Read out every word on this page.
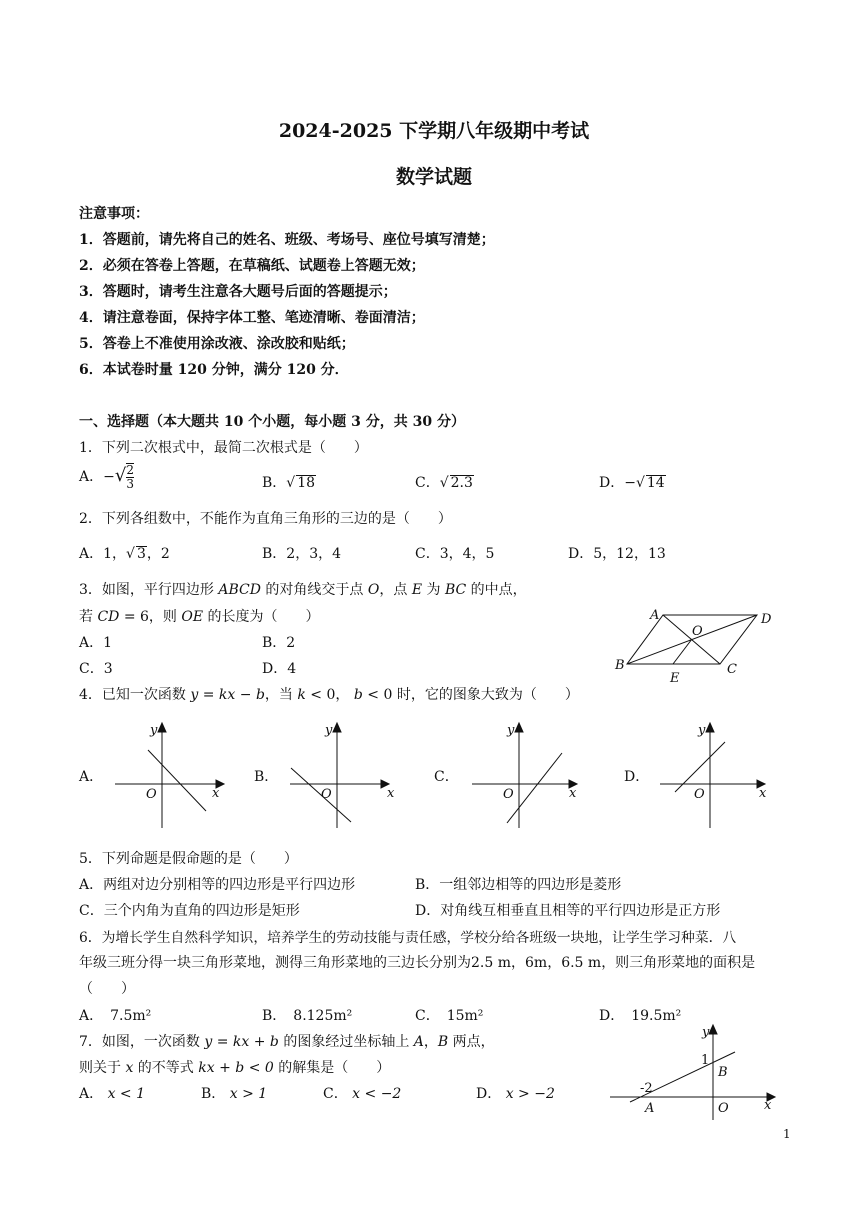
2024-2025 下学期八年级期中考试
数学试题
注意事项：
1．答题前，请先将自己的姓名、班级、考场号、座位号填写清楚；
2．必须在答卷上答题，在草稿纸、试题卷上答题无效；
3．答题时，请考生注意各大题号后面的答题提示；
4．请注意卷面，保持字体工整、笔迹清晰、卷面清洁；
5．答卷上不准使用涂改液、涂改胶和贴纸；
6．本试卷时量 120 分钟，满分 120 分．
一、选择题（本大题共 10 个小题，每小题 3 分，共 30 分）
1．下列二次根式中，最简二次根式是（　　）
A．−√ $\frac{2}{3}$	B．√ 18	C．√ 2.3	D．−√ 14
2．下列各组数中，不能作为直角三角形的三边的是（　　）
A．1，√ 3，2	B．2，3，4	C．3，4，5	D．5，12，13
3．如图，平行四边形 ABCD 的对角线交于点 O，点 E 为 BC 的中点，
若 CD = 6，则 OE 的长度为（　　）
A．1	B．2
C．3	D．4
A	D
B	C
O
E
4．已知一次函数 y = kx − b，当 k < 0， b < 0 时，它的图象大致为（　　）
A．	B．	C．	D．
y
x
O
y
x
O
y
x
O
y
x
O
5．下列命题是假命题的是（　　）
A．两组对边分别相等的四边形是平行四边形	B．一组邻边相等的四边形是菱形
C．三个内角为直角的四边形是矩形	D．对角线互相垂直且相等的平行四边形是正方形
6．为增长学生自然科学知识，培养学生的劳动技能与责任感，学校分给各班级一块地，让学生学习种菜．八
年级三班分得一块三角形菜地，测得三角形菜地的三边长分别为2.5 m，6m，6.5 m，则三角形菜地的面积是
（　　）
A．　7.5m²	B．　8.125m²	C．　15m²	D．　19.5m²
7．如图，一次函数 y = kx + b 的图象经过坐标轴上 A，B 两点，
则关于 x 的不等式 kx + b < 0 的解集是（　　）
A． x < 1	B． x > 1	C． x < −2	D． x > −2
y
x
1
-2
B
A	O
1
